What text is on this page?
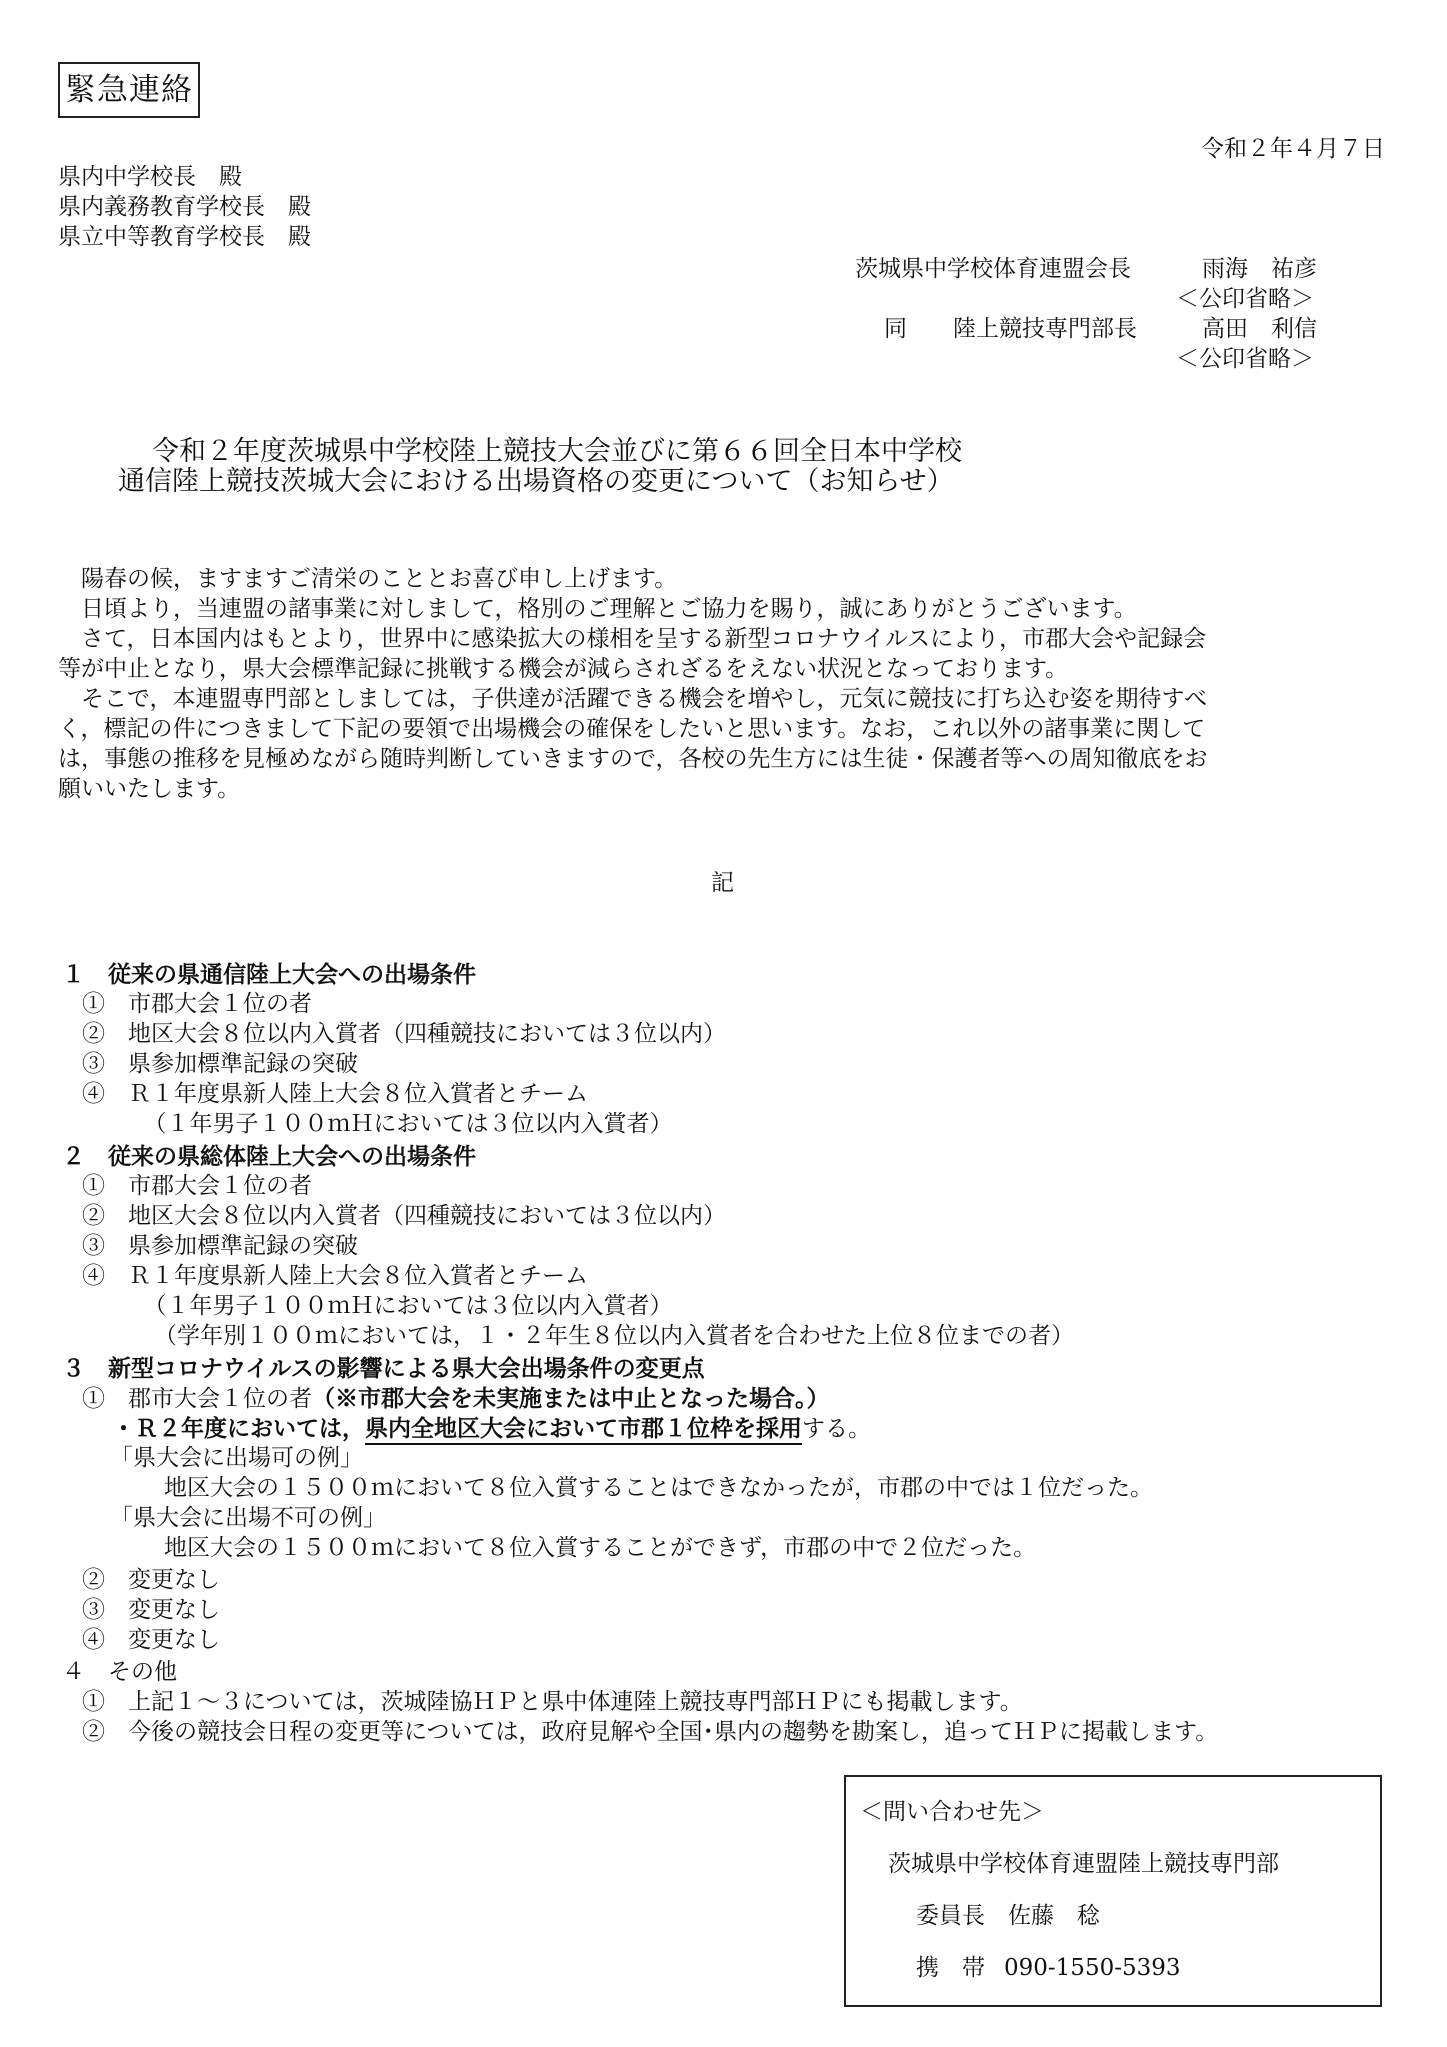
緊急連絡
令和２年４月７日
県内中学校長　殿
県内義務教育学校長　殿
県立中等教育学校長　殿
茨城県中学校体育連盟会長	雨海　祐彦
＜公印省略＞
同　　陸上競技専門部長	高田　利信
＜公印省略＞
令和２年度茨城県中学校陸上競技大会並びに第６６回全日本中学校
通信陸上競技茨城大会における出場資格の変更について（お知らせ）
　陽春の候，ますますご清栄のこととお喜び申し上げます。
　日頃より，当連盟の諸事業に対しまして，格別のご理解とご協力を賜り，誠にありがとうございます。
　さて，日本国内はもとより，世界中に感染拡大の様相を呈する新型コロナウイルスにより，市郡大会や記録会
等が中止となり，県大会標準記録に挑戦する機会が減らされざるをえない状況となっております。
　そこで，本連盟専門部としましては，子供達が活躍できる機会を増やし，元気に競技に打ち込む姿を期待すべ
く，標記の件につきまして下記の要領で出場機会の確保をしたいと思います。なお，これ以外の諸事業に関して
は，事態の推移を見極めながら随時判断していきますので，各校の先生方には生徒・保護者等への周知徹底をお
願いいたします。
記
１　従来の県通信陸上大会への出場条件
①　市郡大会１位の者
②　地区大会８位以内入賞者（四種競技においては３位以内）
③　県参加標準記録の突破
④　Ｒ１年度県新人陸上大会８位入賞者とチーム
　（１年男子１００ｍＨにおいては３位以内入賞者）
２　従来の県総体陸上大会への出場条件
①　市郡大会１位の者
②　地区大会８位以内入賞者（四種競技においては３位以内）
③　県参加標準記録の突破
④　Ｒ１年度県新人陸上大会８位入賞者とチーム
　（１年男子１００ｍＨにおいては３位以内入賞者）
（学年別１００ｍにおいては，１・２年生８位以内入賞者を合わせた上位８位までの者）
３　新型コロナウイルスの影響による県大会出場条件の変更点
①　郡市大会１位の者（※市郡大会を未実施または中止となった場合。）
・Ｒ２年度においては，県内全地区大会において市郡１位枠を採用する。
「県大会に出場可の例」
地区大会の１５００ｍにおいて８位入賞することはできなかったが，市郡の中では１位だった。
「県大会に出場不可の例」
地区大会の１５００ｍにおいて８位入賞することができず，市郡の中で２位だった。
②　変更なし
③　変更なし
④　変更なし
４　その他
①　上記１～３については，茨城陸協ＨＰと県中体連陸上競技専門部ＨＰにも掲載します。
②　今後の競技会日程の変更等については，政府見解や全国･県内の趨勢を勘案し，追ってＨＰに掲載します。
＜問い合わせ先＞
茨城県中学校体育連盟陸上競技専門部
委員長　佐藤　稔
携　帯 090-1550-5393
